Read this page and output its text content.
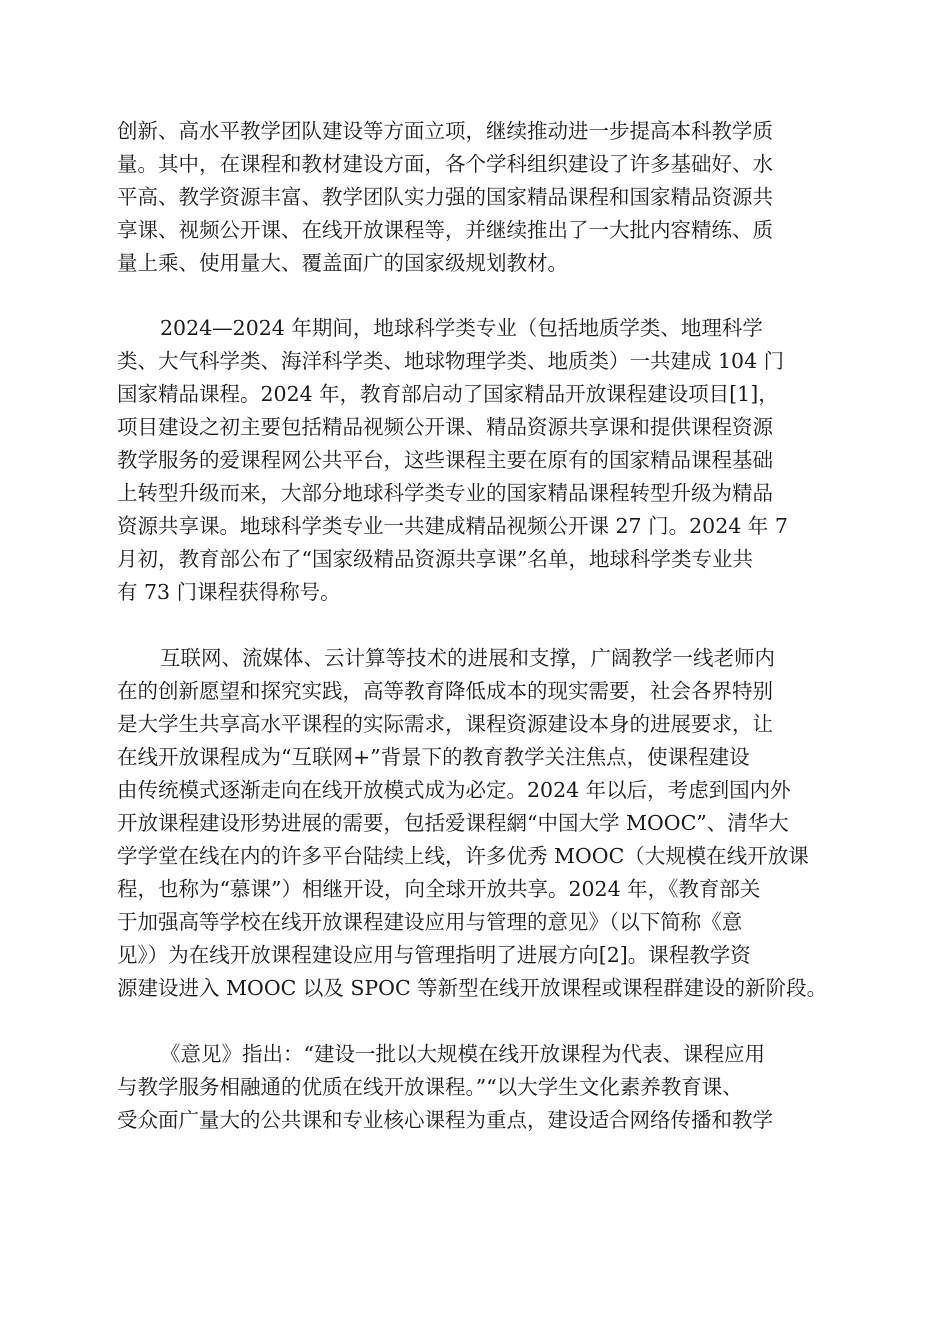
创新、高水平教学团队建设等方面立项，继续推动进一步提高本科教学质
量。其中，在课程和教材建设方面，各个学科组织建设了许多基础好、水
平高、教学资源丰富、教学团队实力强的国家精品课程和国家精品资源共
享课、视频公开课、在线开放课程等，并继续推出了一大批内容精练、质
量上乘、使用量大、覆盖面广的国家级规划教材。
2024—2024 年期间，地球科学类专业（包括地质学类、地理科学
类、大气科学类、海洋科学类、地球物理学类、地质类）一共建成 104 门
国家精品课程。2024 年，教育部启动了国家精品开放课程建设项目[1]，
项目建设之初主要包括精品视频公开课、精品资源共享课和提供课程资源
教学服务的爱课程网公共平台，这些课程主要在原有的国家精品课程基础
上转型升级而来，大部分地球科学类专业的国家精品课程转型升级为精品
资源共享课。地球科学类专业一共建成精品视频公开课 27 门。2024 年 7
月初，教育部公布了“国家级精品资源共享课”名单，地球科学类专业共
有 73 门课程获得称号。
互联网、流媒体、云计算等技术的进展和支撑，广阔教学一线老师内
在的创新愿望和探究实践，高等教育降低成本的现实需要，社会各界特别
是大学生共享高水平课程的实际需求，课程资源建设本身的进展要求，让
在线开放课程成为“互联网+”背景下的教育教学关注焦点，使课程建设
由传统模式逐渐走向在线开放模式成为必定。2024 年以后，考虑到国内外
开放课程建设形势进展的需要，包括爱课程網“中国大学 MOOC”、清华大
学学堂在线在内的许多平台陆续上线，许多优秀 MOOC（大规模在线开放课
程，也称为“慕课”）相继开设，向全球开放共享。2024 年，《教育部关
于加强高等学校在线开放课程建设应用与管理的意见》（以下简称《意
见》）为在线开放课程建设应用与管理指明了进展方向[2]。课程教学资
源建设进入 MOOC 以及 SPOC 等新型在线开放课程或课程群建设的新阶段。
《意见》指出：“建设一批以大规模在线开放课程为代表、课程应用
与教学服务相融通的优质在线开放课程。”“以大学生文化素养教育课、
受众面广量大的公共课和专业核心课程为重点，建设适合网络传播和教学
